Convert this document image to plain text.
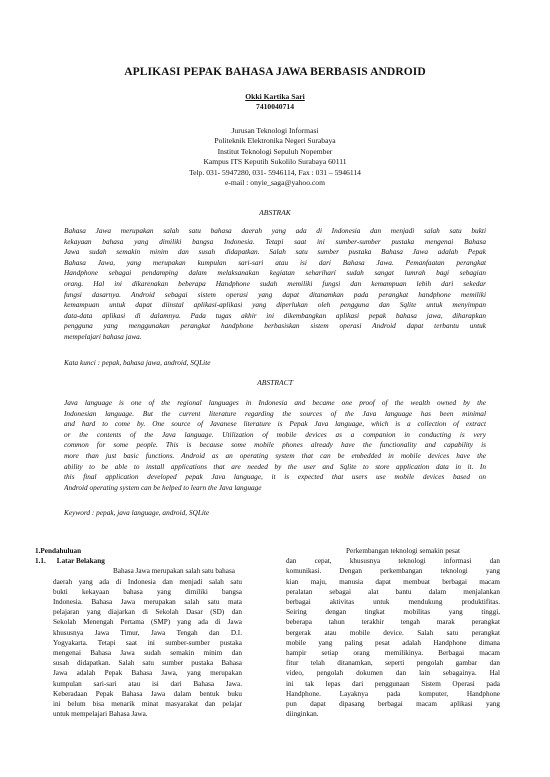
APLIKASI PEPAK BAHASA JAWA BERBASIS ANDROID
Okki Kartika Sari
7410040714
Jurusan Teknologi Informasi
Politeknik Elektronika Negeri Surabaya
Institut Teknologi Sepuluh Nopember
Kampus ITS Keputih Sukolilo Surabaya 60111
Telp. 031- 5947280, 031- 5946114, Fax : 031 – 5946114
e-mail : onyie_saga@yahoo.com
ABSTRAK
Bahasa Jawa merupakan salah satu bahasa daerah yang ada di Indonesia dan menjadi salah satu bukti
kekayaan bahasa yang dimiliki bangsa Indonesia. Tetapi saat ini sumber-sumber pustaka mengenai Bahasa
Jawa sudah semakin minim dan susah didapatkan. Salah satu sumber pustaka Bahasa Jawa adalah Pepak
Bahasa Jawa, yang merupakan kumpulan sari-sari atau isi dari Bahasa Jawa. Pemanfaatan perangkat
Handphone sebagai pendamping dalam melaksanakan kegiatan sehariharí sudah sangat lumrah bagi sebagian
orang. Hal ini dikarenakan beberapa Handphone sudah memiliki fungsi dan kemampuan lebih dari sekedar
fungsi dasarnya. Android sebagai sistem operasi yang dapat ditanamkan pada perangkat handphone memiliki
kemampuan untuk dapat diinstal aplikasi-aplikasi yang diperlukan oleh pengguna dan Sqlite untuk menyimpan
data-data aplikasi di dalamnya. Pada tugas akhir ini dikembangkan aplikasi pepak bahasa jawa, diharapkan
pengguna yang menggunakan perangkat handphone berbasiskan sistem operasi Android dapat terbantu untuk
mempelajari bahasa jawa.
Kata kunci : pepak, bahasa jawa, android, SQLite
ABSTRACT
Java language is one of the regional languages in Indonesia and became one proof of the wealth owned by the
Indonesian language. But the current literature regarding the sources of the Java language has been minimal
and hard to come by. One source of Javanese literature is Pepak Java language, which is a collection of extract
or the contents of the Java language. Utilization of mobile devices as a companion in conducting is very
common for some people. This is because some mobile phones already have the functionality and capability is
more than just basic functions. Android as an operating system that can be embedded in mobile devices have the
ability to be able to install applications that are needed by the user and Sqlite to store application data in it. In
this final application developed pepak Java language, it is expected that users use mobile devices based on
Android operating system can be helped to learn the Java language
Keyword : pepak, java language, android, SQLite
1.Pendahuluan
1.1. Latar Belakang
Bahasa Jawa merupakan salah satu bahasa
daerah yang ada di Indonesia dan menjadi salah satu
bukti kekayaan bahasa yang dimiliki bangsa
Indonesia. Bahasa Jawa merupakan salah satu mata
pelajaran yang diajarkan di Sekolah Dasar (SD) dan
Sekolah Menengah Pertama (SMP) yang ada di Jawa
khususnya Jawa Timur, Jawa Tengah dan D.I.
Yogyakarta. Tetapi saat ini sumber-sumber pustaka
mengenai Bahasa Jawa sudah semakin minim dan
susah didapatkan. Salah satu sumber pustaka Bahasa
Jawa adalah Pepak Bahasa Jawa, yang merupakan
kumpulan sari-sari atau isi dari Bahasa Jawa.
Keberadaan Pepak Bahasa Jawa dalam bentuk buku
ini belum bisa menarik minat masyarakat dan pelajar
untuk mempelajari Bahasa Jawa.
Perkembangan teknologi semakin pesat
dan cepat, khususnya teknologi informasi dan
komunikasi. Dengan perkembangan teknologi yang
kian maju, manusia dapat membuat berbagai macam
peralatan sebagai alat bantu dalam menjalankan
berbagai aktivitas untuk mendukung produktifitas.
Seiring dengan tingkat mobilitas yang tinggi,
beberapa tahun terakhir tengah marak perangkat
bergerak atau mobile device. Salah satu perangkat
mobile yang paling pesat adalah Handphone dimana
hampir setiap orang memilikinya. Berbagai macam
fitur telah ditanamkan, seperti pengolah gambar dan
video, pengolah dokumen dan lain sebagainya. Hal
ini tak lepas dari penggunaan Sistem Operasi pada
Handphone. Layaknya pada komputer, Handphone
pun dapat dipasang berbagai macam aplikasi yang
diinginkan.
